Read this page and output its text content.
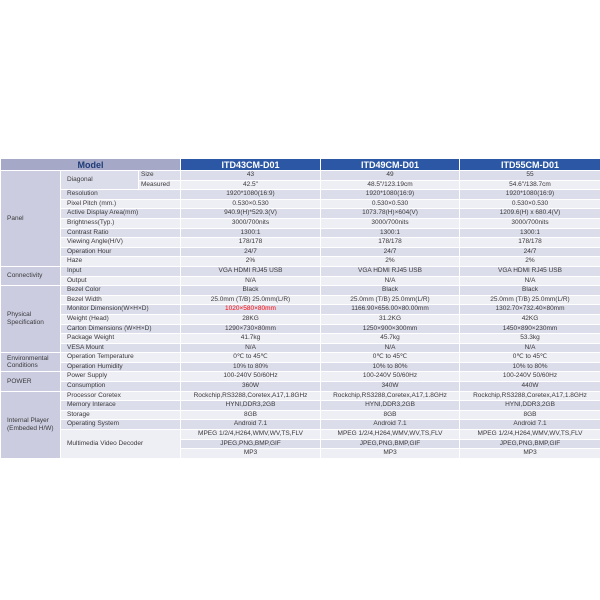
Model			ITD43CM-D01	ITD49CM-D01	ITD55CM-D01
Panel	Diagonal	Size	43	49	55
		Measured	42.5"	48.5"/123.19cm	54.6"/138.7cm
	Resolution		1920*1080(16:9)	1920*1080(16:9)	1920*1080(16:9)
	Pixel Pitch (mm.)		0.530×0.530	0.530×0.530	0.530×0.530
	Active Display Area(mm)		940.9(H)*529.3(V)	1073.78(H)×604(V)	1209.6(H) x 680.4(V)
	Brightness(Typ.)		3000/700nits	3000/700nits	3000/700nits
	Contrast Ratio		1300:1	1300:1	1300:1
	Viewing Angle(H/V)		178/178	178/178	178/178
	Operation Hour		24/7	24/7	24/7
	Haze		2%	2%	2%
Connectivity	Input		VGA HDMI RJ45 USB	VGA HDMI RJ45 USB	VGA HDMI RJ45 USB
	Output		N/A	N/A	N/A
Physical Specification	Bezel Color		Black	Black	Black
	Bezel Width		25.0mm (T/B) 25.0mm(L/R)	25.0mm (T/B) 25.0mm(L/R)	25.0mm (T/B) 25.0mm(L/R)
	Monitor Dimension(W×H×D)		1020×580×80mm	1166.90×656.00×80.00mm	1302.70×732.40×80mm
	Weight (Head)		28KG	31.2KG	42KG
	Carton Dimensions (W×H×D)		1290×730×80mm	1250×900×300mm	1450×890×230mm
	Package Weight		41.7kg	45.7kg	53.3kg
	VESA Mount		N/A	N/A	N/A
Environmental Conditions	Operation Temperature		0℃ to 45℃	0℃ to 45℃	0℃ to 45℃
	Operation Humidity		10% to 80%	10% to 80%	10% to 80%
POWER	Power Supply		100-240V 50/60Hz	100-240V 50/60Hz	100-240V 50/60Hz
	Consumption		360W	340W	440W
Internal Player (Embeded H/W)	Processor Coretex		Rockchip,RS3288,Coretex,A17,1.8GHz	Rockchip,RS3288,Coretex,A17,1.8GHz	Rockchip,RS3288,Coretex,A17,1.8GHz
	Memory Interace		HYNI,DDR3,2GB	HYNI,DDR3,2GB	HYNI,DDR3,2GB
	Storage		8GB	8GB	8GB
	Operating System		Android 7.1	Android 7.1	Android 7.1
	Multimedia Video Decoder		MPEG 1/2/4,H264,WMV,WV,TS,FLV	MPEG 1/2/4,H264,WMV,WV,TS,FLV	MPEG 1/2/4,H264,WMV,WV,TS,FLV
			JPEG,PNG,BMP,GIF	JPEG,PNG,BMP,GIF	JPEG,PNG,BMP,GIF
			MP3	MP3	MP3
